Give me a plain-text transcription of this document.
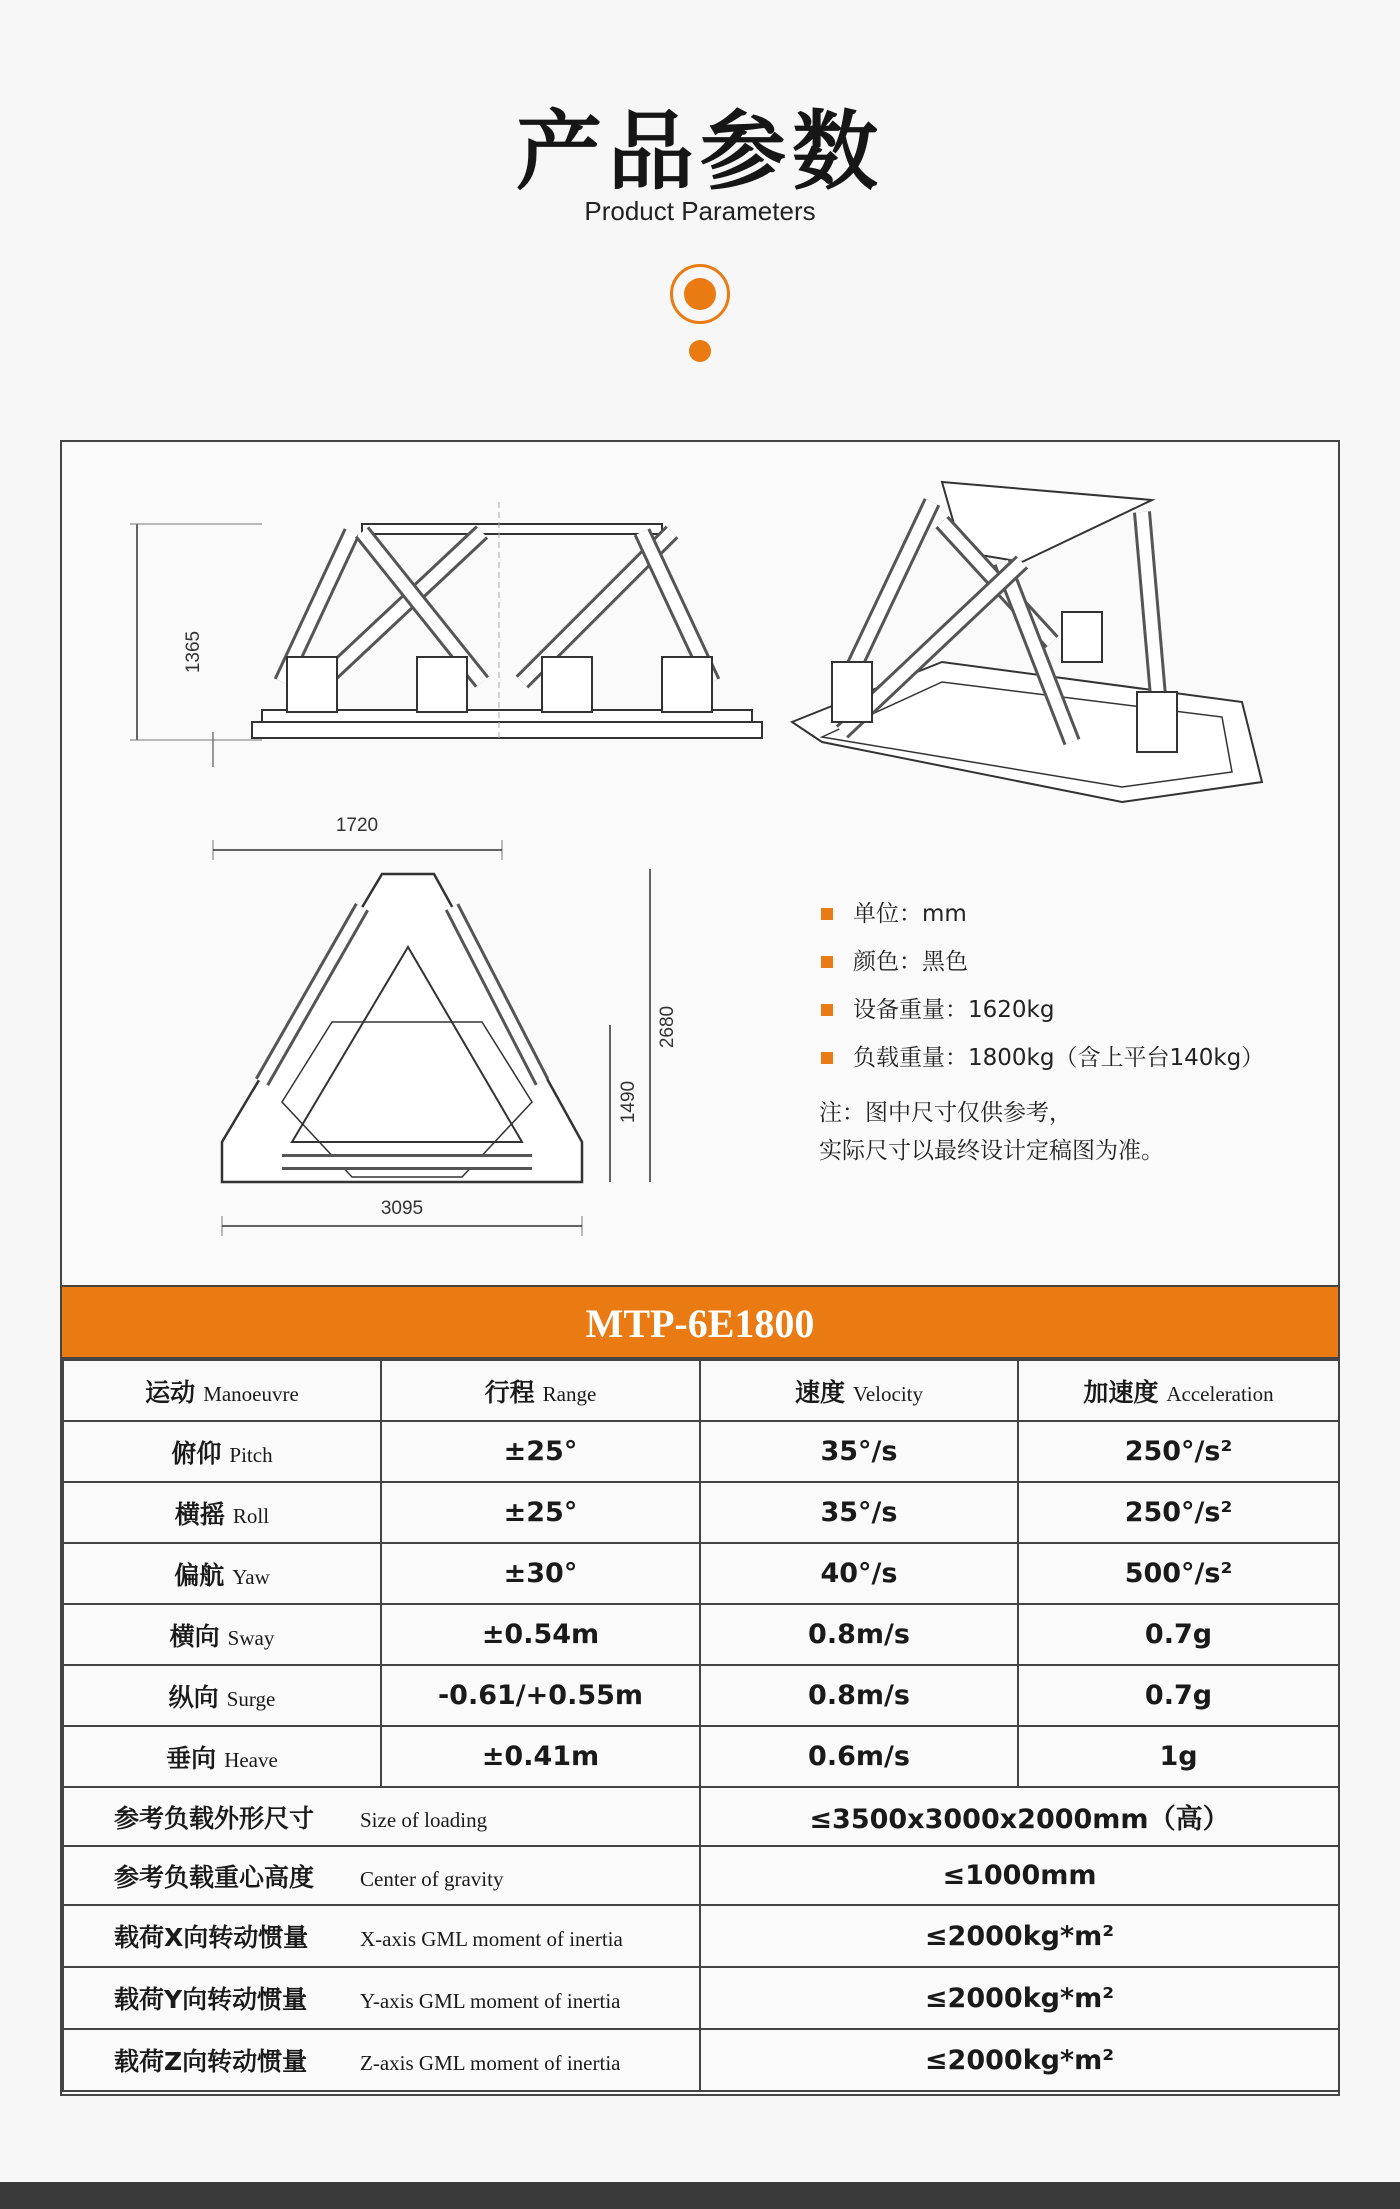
产品参数
Product Parameters
1365
1720
2680
1490
3095
单位：mm
颜色：黑色
设备重量：1620kg
负载重量：1800kg（含上平台140kg）
注：图中尺寸仅供参考，
实际尺寸以最终设计定稿图为准。
MTP-6E1800
运动 Manoeuvre	行程 Range	速度 Velocity	加速度 Acceleration
俯仰 Pitch	±25°	35°/s	250°/s²
横摇 Roll	±25°	35°/s	250°/s²
偏航 Yaw	±30°	40°/s	500°/s²
横向 Sway	±0.54m	0.8m/s	0.7g
纵向 Surge	-0.61/+0.55m	0.8m/s	0.7g
垂向 Heave	±0.41m	0.6m/s	1g
参考负载外形尺寸 Size of loading		≤3500x3000x2000mm（高）	
参考负载重心高度 Center of gravity		≤1000mm	
载荷X向转动惯量 X-axis GML moment of inertia		≤2000kg*m²	
载荷Y向转动惯量 Y-axis GML moment of inertia		≤2000kg*m²	
载荷Z向转动惯量 Z-axis GML moment of inertia		≤2000kg*m²	
